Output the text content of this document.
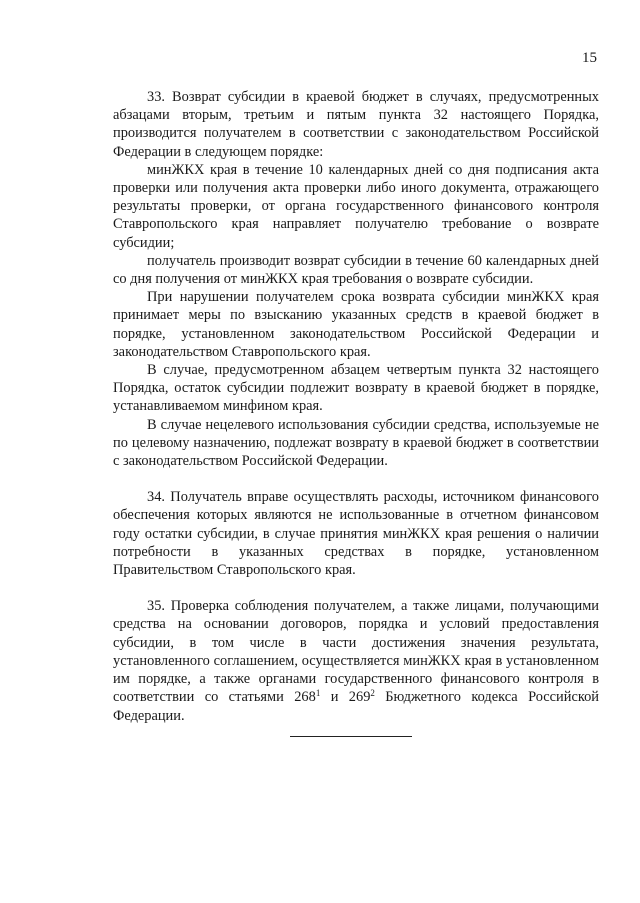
15

33. Возврат субсидии в краевой бюджет в случаях, предусмотренных абзацами вторым, третьим и пятым пункта 32 настоящего Порядка, производится получателем в соответствии с законодательством Российской Федерации в следующем порядке:

минЖКХ края в течение 10 календарных дней со дня подписания акта проверки или получения акта проверки либо иного документа, отражающего результаты проверки, от органа государственного финансового контроля Ставропольского края направляет получателю требование о возврате субсидии;

получатель производит возврат субсидии в течение 60 календарных дней со дня получения от минЖКХ края требования о возврате субсидии.

При нарушении получателем срока возврата субсидии минЖКХ края принимает меры по взысканию указанных средств в краевой бюджет в порядке, установленном законодательством Российской Федерации и законодательством Ставропольского края.

В случае, предусмотренном абзацем четвертым пункта 32 настоящего Порядка, остаток субсидии подлежит возврату в краевой бюджет в порядке, устанавливаемом минфином края.

В случае нецелевого использования субсидии средства, используемые не по целевому назначению, подлежат возврату в краевой бюджет в соответствии с законодательством Российской Федерации.

34. Получатель вправе осуществлять расходы, источником финансового обеспечения которых являются не использованные в отчетном финансовом году остатки субсидии, в случае принятия минЖКХ края решения о наличии потребности в указанных средствах в порядке, установленном Правительством Ставропольского края.

35. Проверка соблюдения получателем, а также лицами, получающими средства на основании договоров, порядка и условий предоставления субсидии, в том числе в части достижения значения результата, установленного соглашением, осуществляется минЖКХ края в установленном им порядке, а также органами государственного финансового контроля в соответствии со статьями $268^1$ и $269^2$ Бюджетного кодекса Российской Федерации.
